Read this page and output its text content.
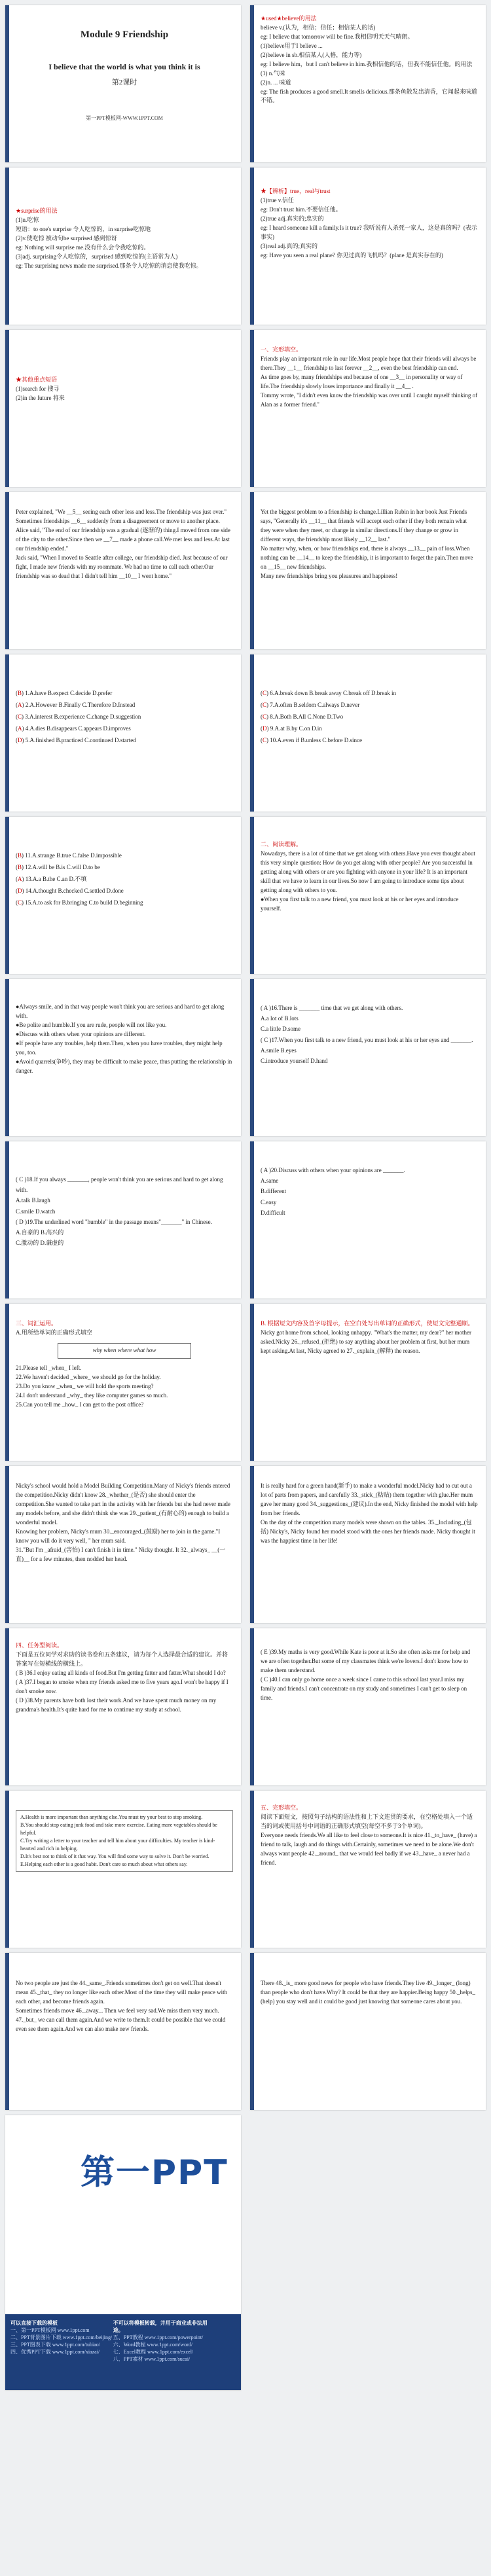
Module 9 Friendship
I believe that the world is what you think it is
第2课时
第一PPT模板网-WWW.1PPT.COM
★used★believe的用法
believe v.(认为，相信；信任；相信某人的话)
eg: I believe that tomorrow will be fine.我相信明天天气晴朗。
(1)believe用于I believe ...
(2)believe in sb.相信某人(人格，能力等)
eg: I believe him，but I can't believe in him.我相信他的话，但我不能信任他。的用法
(1) n.气味
(2)n. ... 味道
eg: The fish produces a good smell.It smells delicious.那条鱼散发出清香，它闻起来味道不错。
★surprise的用法
(1)n.吃惊
短语：to one's surprise 令人吃惊的，in surprise吃惊地
(2)v.使吃惊 被动句be surprised 感到惊讶
eg: Nothing will surprise me.没有什么会令我吃惊的。
(3)adj. surprising令人吃惊的，surprised 感到吃惊的(主语常为人)
eg: The surprising news made me surprised.那条令人吃惊的消息使我吃惊。
★【辨析】true，real与trust
(1)true v.信任
eg: Don't trust him.不要信任他。
(2)true adj.真实的;忠实的
eg: I heard someone kill a family.Is it true? 我听说有人杀死一家人，这是真的吗？(表示事实)
(3)real adj.真的;真实的
eg: Have you seen a real plane? 你见过真的飞机吗？(plane 是真实存在的)
★其他重点短语
(1)search for 搜寻
(2)in the future 将来
一、完形填空。
Friends play an important role in our life.Most people hope that their friends will always be there.They __1__ friendship to last forever __2__, even the best friendship can end.
As time goes by, many friendships end because of one __3__ in personality or way of life.The friendship slowly loses importance and finally it __4__ .
Tommy wrote, "I didn't even know the friendship was over until I caught myself thinking of Alan as a former friend."
Peter explained, "We __5__ seeing each other less and less.The friendship was just over."
Sometimes friendships __6__ suddenly from a disagreement or move to another place.
Alice said, "The end of our friendship was a gradual (逐渐的) thing.I moved from one side of the city to the other.Since then we __7__ made a phone call.We met less and less.At last our friendship ended."
Jack said, "When I moved to Seattle after college, our friendship died. Just because of our fight, I made new friends with my roommate. We had no time to call each other.Our friendship was so dead that I didn't tell him __10__ I went home."
Yet the biggest problem to a friendship is change.Lillian Rubin in her book Just Friends says, "Generally it's __11__ that friends will accept each other if they both remain what they were when they meet, or change in similar directions.If they change or grow in different ways, the friendship most likely __12__ last."
No matter why, when, or how friendships end, there is always __13__ pain of loss.When nothing can be __14__ to keep the friendship, it is important to forget the pain.Then move on __15__ new friendships.
Many new friendships bring you pleasures and happiness!
(B) 1.A.have B.expect C.decide D.prefer
(A) 2.A.However B.Finally C.Therefore D.Instead
(C) 3.A.interest B.experience C.change D.suggestion
(A) 4.A.dies B.disappears C.appears D.improves
(D) 5.A.finished B.practiced C.continued D.started
(C) 6.A.break down B.break away C.break off D.break in
(C) 7.A.often B.seldom C.always D.never
(C) 8.A.Both B.All C.None D.Two
(D) 9.A.at B.by C.on D.in
(C) 10.A.even if B.unless C.before D.since
(B) 11.A.strange B.true C.false D.impossible
(B) 12.A.will be B.is C.will D.to be
(A) 13.A.a B.the C.an D.不填
(D) 14.A.thought B.checked C.settled D.done
(C) 15.A.to ask for B.bringing C.to build D.beginning
二、阅读理解。
Nowadays, there is a lot of time that we get along with others.Have you ever thought about this very simple question: How do you get along with other people? Are you successful in getting along with others or are you fighting with anyone in your life? It is an important skill that we have to learn in our lives.So now I am going to introduce some tips about getting along with others to you.
●When you first talk to a new friend, you must look at his or her eyes and introduce yourself.
●Always smile, and in that way people won't think you are serious and hard to get along with.
●Be polite and humble.If you are rude, people will not like you.
●Discuss with others when your opinions are different.
●If people have any troubles, help them.Then, when you have troubles, they might help you, too.
●Avoid quarrels(争吵), they may be difficult to make peace, thus putting the relationship in danger.
( A )16.There is _______ time that we get along with others.
A.a lot of B.lots
C.a little D.some
( C )17.When you first talk to a new friend, you must look at his or her eyes and _______.
A.smile B.eyes
C.introduce yourself D.hand
( C )18.If you always _______, people won't think you are serious and hard to get along with.
A.talk B.laugh
C.smile D.watch
( D )19.The underlined word "humble" in the passage means"_______" in Chinese.
A.自豪的 B.高兴的
C.激动的 D.谦虚的
( A )20.Discuss with others when your opinions are _______.
A.same
B.different
C.easy
D.difficult
三、词汇运用。
A.用所给单词的正确形式填空
why when where what how
21.Please tell _when_ I left.
22.We haven't decided _where_ we should go for the holiday.
23.Do you know _when_ we will hold the sports meeting?
24.I don't understand _why_ they like computer games so much.
25.Can you tell me _how_ I can get to the post office?
B. 根据短文内容及首字母提示，在空白处写出单词的正确形式，使短文完整通顺。
Nicky got home from school, looking unhappy. "What's the matter, my dear?" her mother asked.Nicky 26._refused_(拒绝) to say anything about her problem at first, but her mum kept asking.At last, Nicky agreed to 27._explain_(解释) the reason.
Nicky's school would hold a Model Building Competition.Many of Nicky's friends entered the competition.Nicky didn't know 28._whether_(是否) she should enter the competition.She wanted to take part in the activity with her friends but she had never made any models before, and she didn't think she was 29._patient_(有耐心的) enough to build a wonderful model.
Knowing her problem, Nicky's mum 30._encouraged_(鼓励) her to join in the game."I know you will do it very well, " her mum said.
31."But I'm _afraid_(害怕) I can't finish it in time." Nicky thought. It 32._always_ __(一直)__ for a few minutes, then nodded her head.
It is really hard for a green hand(新手) to make a wonderful model.Nicky had to cut out a lot of parts from papers, and carefully 33._stick_(粘贴) them together with glue.Her mum gave her many good 34._suggestions_(建议).In the end, Nicky finished the model with help from her friends.
On the day of the competition many models were shown on the tables. 35._Including_(包括) Nicky's, Nicky found her model stood with the ones her friends made. Nicky thought it was the happiest time in her life!
四、任务型阅读。
下面是五位同学对求助的读书卷和五条建议，请为每个人选择最合适的建议。并将答案写在短横线的横线上。
( B )36.I enjoy eating all kinds of food.But I'm getting fatter and fatter.What should I do?
( A )37.I began to smoke when my friends asked me to five years ago.I won't be happy if I don't smoke now.
( D )38.My parents have both lost their work.And we have spent much money on my grandma's health.It's quite hard for me to continue my study at school.
( E )39.My maths is very good.While Kate is poor at it.So she often asks me for help and we are often together.But some of my classmates think we're lovers.I don't know how to make them understand.
( C )40.I can only go home once a week since I came to this school last year.I miss my family and friends.I can't concentrate on my study and sometimes I can't get to sleep on time.
A.Health is more important than anything else.You must try your best to stop smoking.
B.You should stop eating junk food and take more exercise. Eating more vegetables should be helpful.
C.Try writing a letter to your teacher and tell him about your difficulties. My teacher is kind-hearted and rich in helping.
D.It's best not to think of it that way. You will find some way to solve it. Don't be worried.
E.Helping each other is a good habit. Don't care so much about what others say.
五、完形填空。
阅读下面短文，按照句子结构的语法性和上下文连贯的要求，在空格处填入一个适当的词或使用括号中词语的正确形式填空(每空不多于3个单词)。
Everyone needs friends.We all like to feel close to someone.It is nice 41._to_have_ (have) a friend to talk, laugh and do things with.Certainly, sometimes we need to be alone.We don't always want people 42._around_ that we would feel badly if we 43._have_ a never had a friend.
No two people are just the 44._same_.Friends sometimes don't get on well.That doesn't mean 45._that_ they no longer like each other.Most of the time they will make peace with each other, and become friends again.
Sometimes friends move 46._away_. Then we feel very sad.We miss them very much. 47._but_ we can call them again.And we write to them.It could be possible that we could even see them again.And we can also make new friends.
There 48._is_ more good news for people who have friends.They live 49._longer_ (long) than people who don't have.Why? It could be that they are happier.Being happy 50._helps_ (help) you stay well and it could be good just knowing that someone cares about you.
第一PPT
可以直接下载的模板
一、第一PPT模板网 www.1ppt.com
二、PPT背景图片下载 www.1ppt.com/beijing/
三、PPT图表下载 www.1ppt.com/tubiao/
四、优秀PPT下载 www.1ppt.com/xiazai/

不可以将模板转载，并用于商业或非法用途。
五、PPT教程 www.1ppt.com/powerpoint/
六、Word教程 www.1ppt.com/word/
七、Excel教程 www.1ppt.com/excel/
八、PPT素材 www.1ppt.com/sucai/
